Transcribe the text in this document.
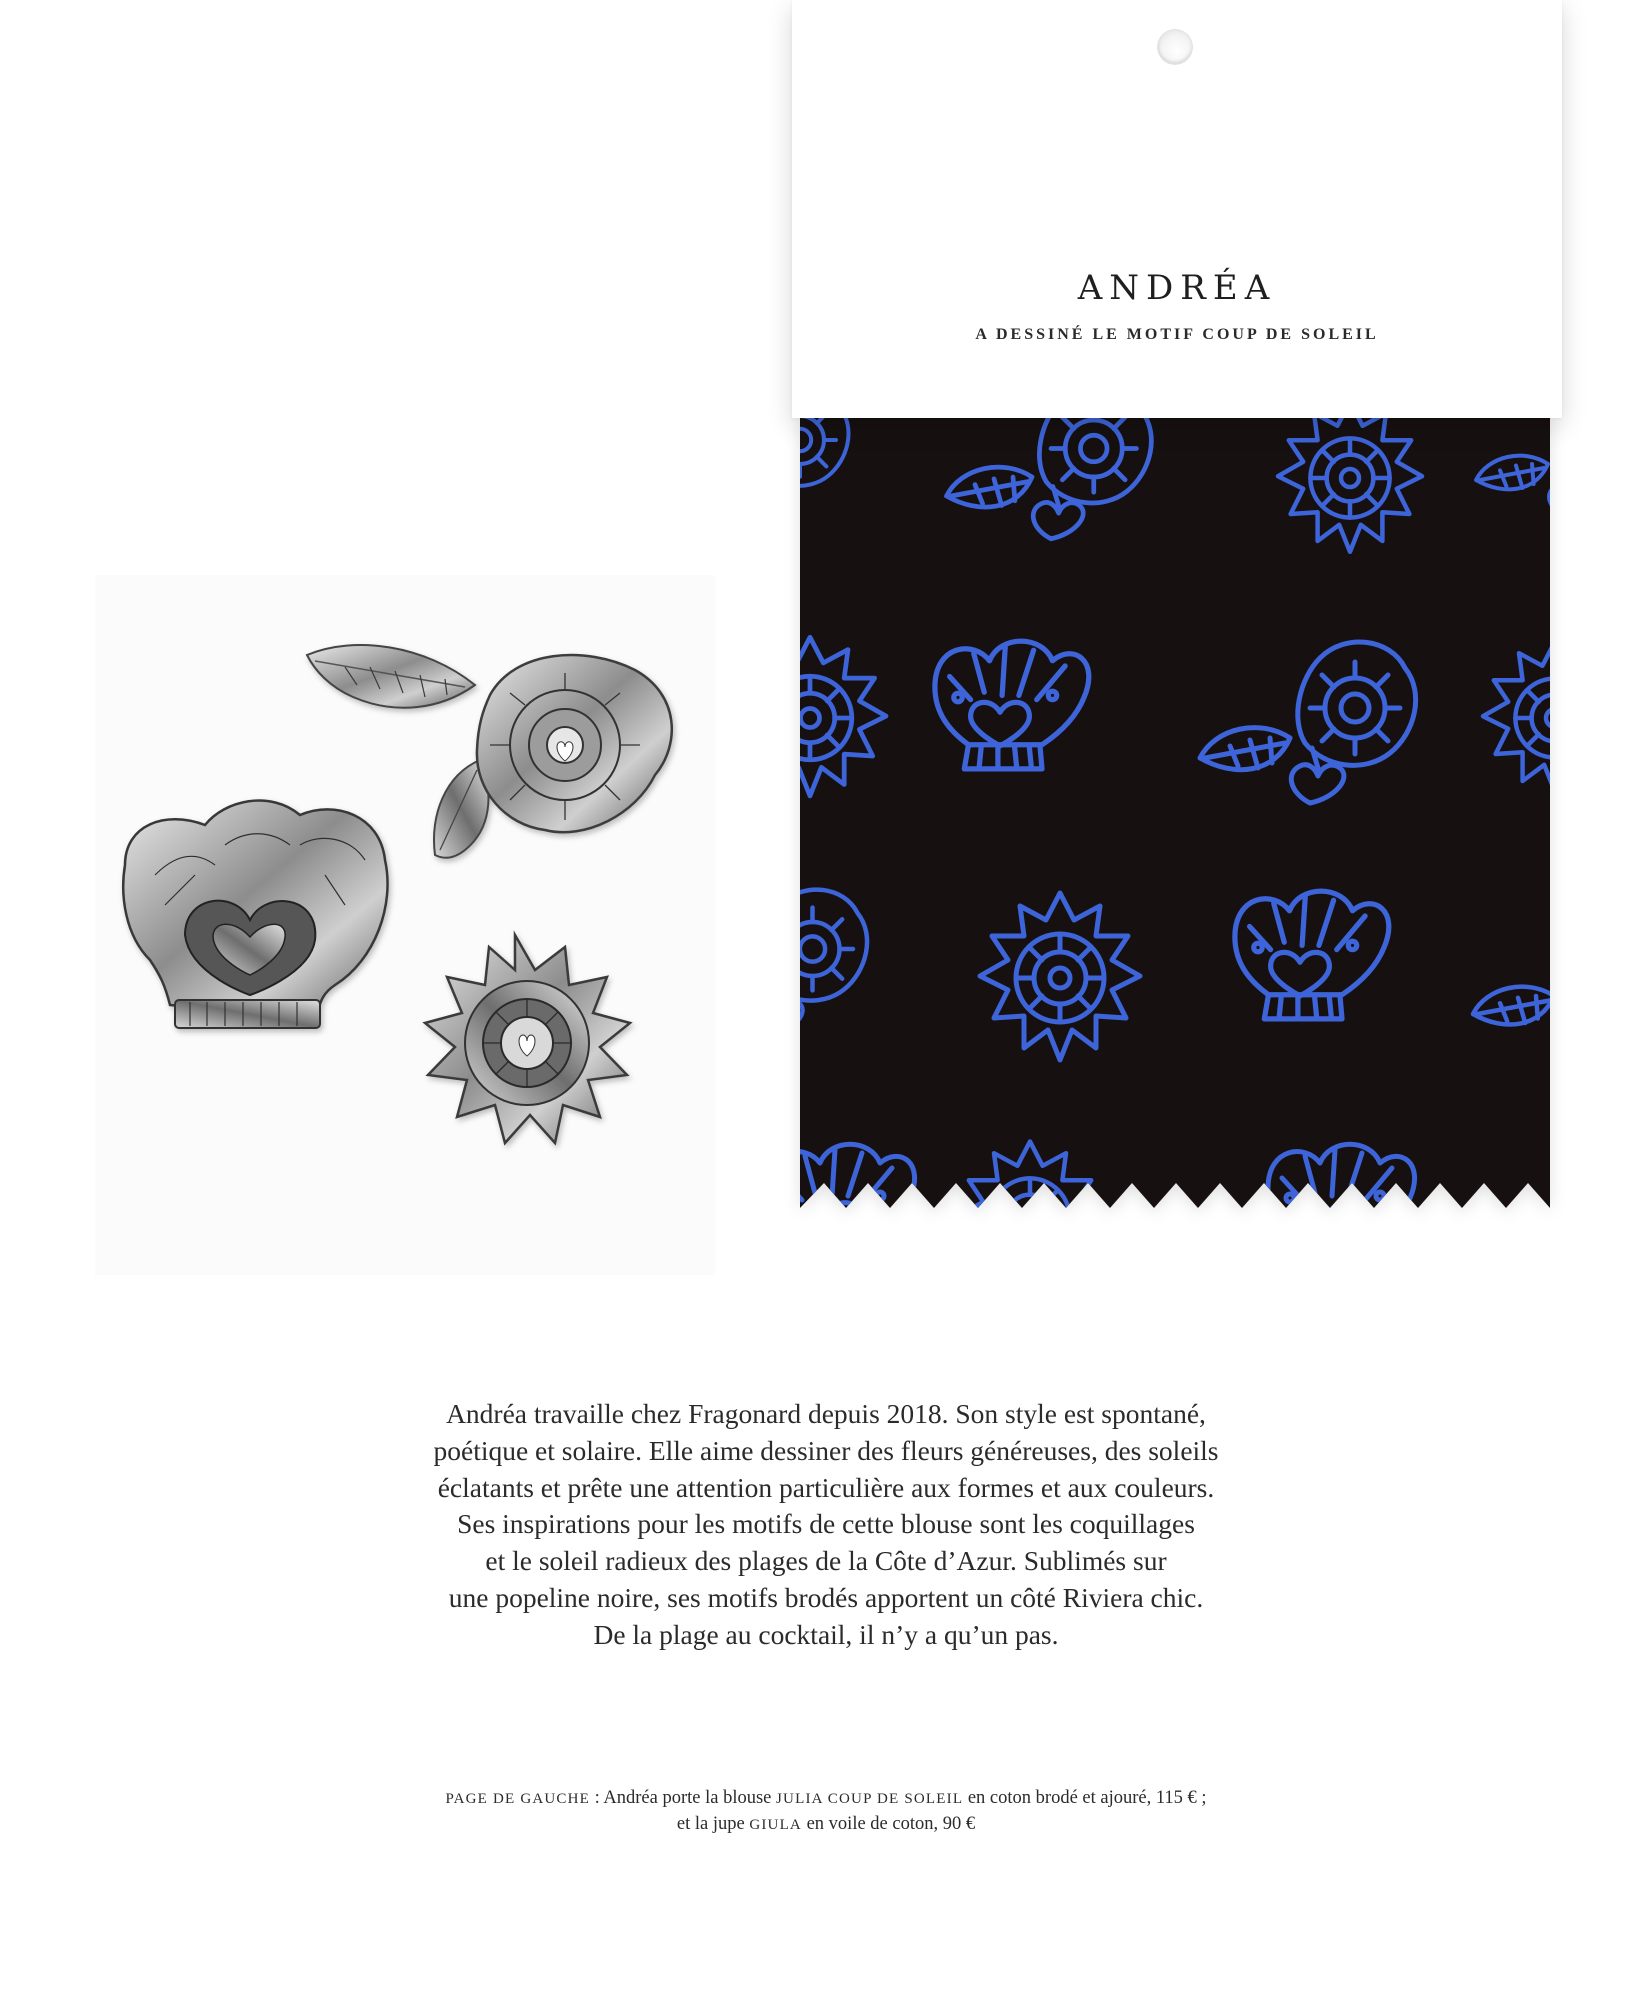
ANDRÉA
A DESSINÉ LE MOTIF COUP DE SOLEIL
Andréa travaille chez Fragonard depuis 2018. Son style est spontané,
poétique et solaire. Elle aime dessiner des fleurs généreuses, des soleils
éclatants et prête une attention particulière aux formes et aux couleurs.
Ses inspirations pour les motifs de cette blouse sont les coquillages
et le soleil radieux des plages de la Côte d’Azur. Sublimés sur
une popeline noire, ses motifs brodés apportent un côté Riviera chic.
De la plage au cocktail, il n’y a qu’un pas.
PAGE DE GAUCHE : Andréa porte la blouse JULIA COUP DE SOLEIL en coton brodé et ajouré, 115 € ;
et la jupe GIULA en voile de coton, 90 €
